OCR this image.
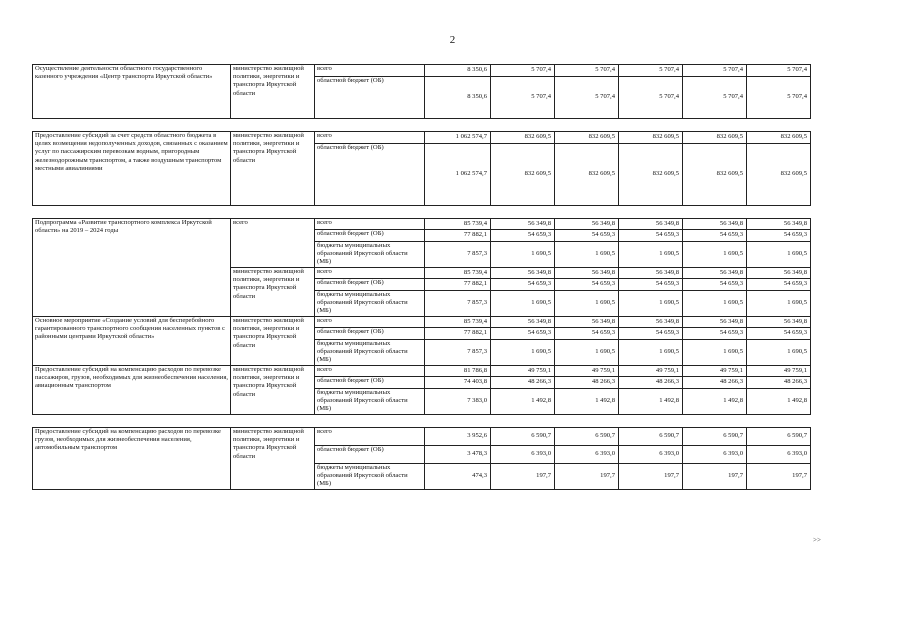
2
Осуществление деятельности областного государственного казенного учреждения «Центр транспорта Иркутской области»	министерство жилищной политики, энергетики и транспорта Иркутской области	всего	8 350,6	5 707,4	5 707,4	5 707,4	5 707,4	5 707,4
		областной бюджет (ОБ)	8 350,6	5 707,4	5 707,4	5 707,4	5 707,4	5 707,4

Предоставление субсидий за счет средств областного бюджета в целях возмещения недополученных доходов, связанных с оказанием услуг по пассажирским перевозкам водным, пригородным железнодорожным транспортом, а также воздушным транспортом местными авиалиниями	министерство жилищной политики, энергетики и транспорта Иркутской области	всего	1 062 574,7	832 609,5	832 609,5	832 609,5	832 609,5	832 609,5
		областной бюджет (ОБ)	1 062 574,7	832 609,5	832 609,5	832 609,5	832 609,5	832 609,5

Подпрограмма «Развитие транспортного комплекса Иркутской области» на 2019 – 2024 годы	всего	всего	85 739,4	56 349,8	56 349,8	56 349,8	56 349,8	56 349,8
		областной бюджет (ОБ)	77 882,1	54 659,3	54 659,3	54 659,3	54 659,3	54 659,3
		бюджеты муниципальных образований Иркутской области (МБ)	7 857,3	1 690,5	1 690,5	1 690,5	1 690,5	1 690,5
	министерство жилищной политики, энергетики и транспорта Иркутской области	всего	85 739,4	56 349,8	56 349,8	56 349,8	56 349,8	56 349,8
		областной бюджет (ОБ)	77 882,1	54 659,3	54 659,3	54 659,3	54 659,3	54 659,3
		бюджеты муниципальных образований Иркутской области (МБ)	7 857,3	1 690,5	1 690,5	1 690,5	1 690,5	1 690,5
Основное мероприятие «Создание условий для бесперебойного гарантированного транспортного сообщения населенных пунктов с районными центрами Иркутской области»	министерство жилищной политики, энергетики и транспорта Иркутской области	всего	85 739,4	56 349,8	56 349,8	56 349,8	56 349,8	56 349,8
		областной бюджет (ОБ)	77 882,1	54 659,3	54 659,3	54 659,3	54 659,3	54 659,3
		бюджеты муниципальных образований Иркутской области (МБ)	7 857,3	1 690,5	1 690,5	1 690,5	1 690,5	1 690,5
Предоставление субсидий на компенсацию расходов по перевозке пассажиров, грузов, необходимых для жизнеобеспечения населения, авиационным транспортом	министерство жилищной политики, энергетики и транспорта Иркутской области	всего	81 786,8	49 759,1	49 759,1	49 759,1	49 759,1	49 759,1
		областной бюджет (ОБ)	74 403,8	48 266,3	48 266,3	48 266,3	48 266,3	48 266,3
		бюджеты муниципальных образований Иркутской области (МБ)	7 383,0	1 492,8	1 492,8	1 492,8	1 492,8	1 492,8

Предоставление субсидий на компенсацию расходов по перевозке грузов, необходимых для жизнеобеспечения населения, автомобильным транспортом	министерство жилищной политики, энергетики и транспорта Иркутской области	всего	3 952,6	6 590,7	6 590,7	6 590,7	6 590,7	6 590,7
		областной бюджет (ОБ)	3 478,3	6 393,0	6 393,0	6 393,0	6 393,0	6 393,0
		бюджеты муниципальных образований Иркутской области (МБ)	474,3	197,7	197,7	197,7	197,7	197,7
>>
